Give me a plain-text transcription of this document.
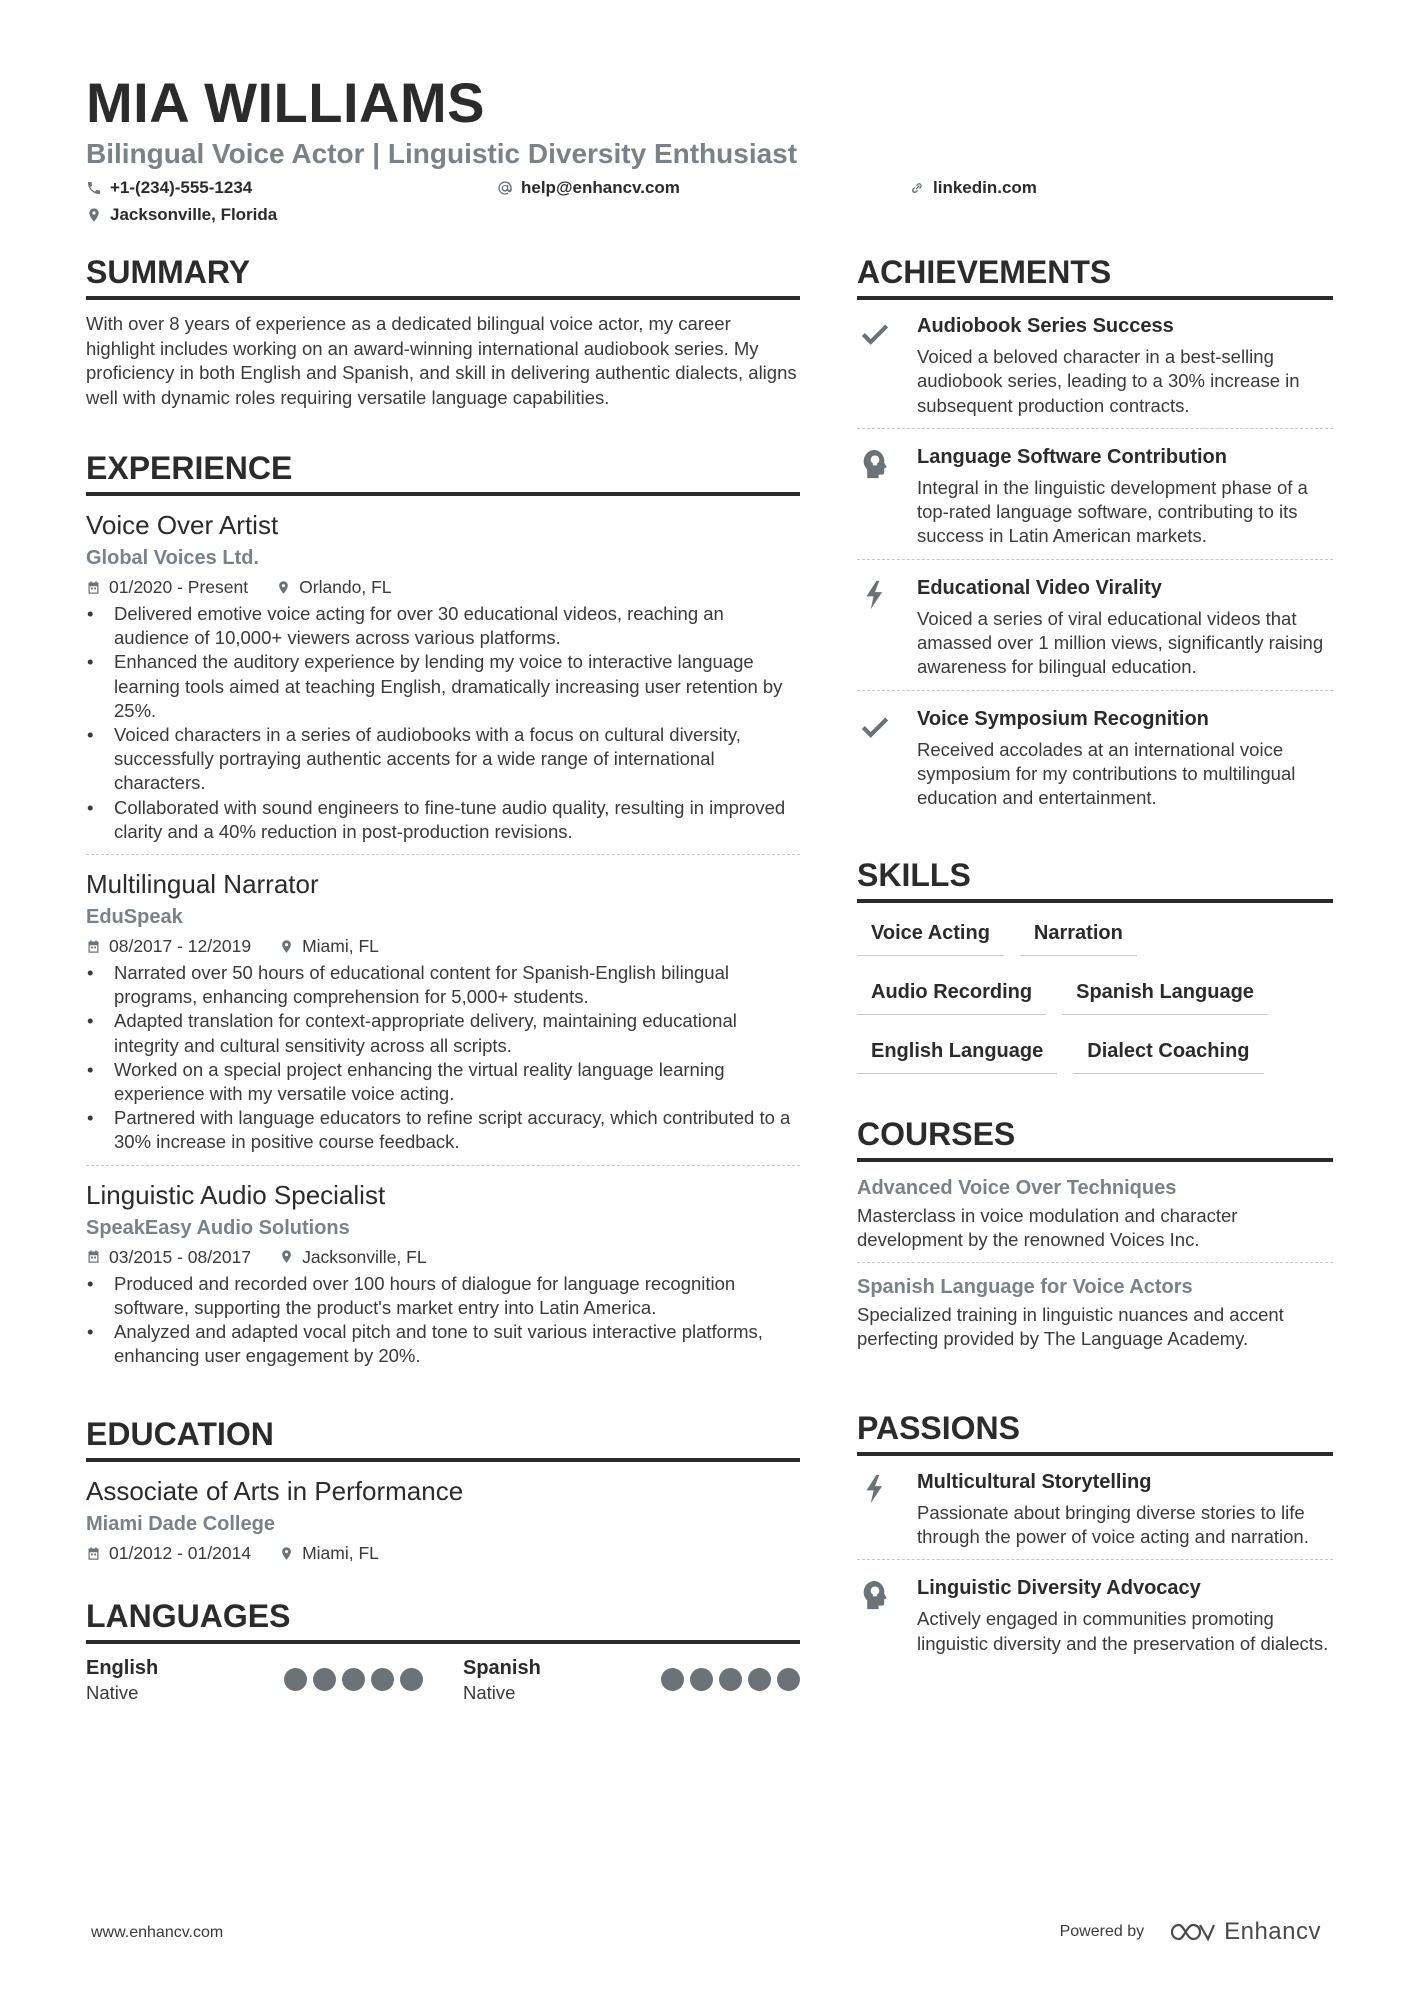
MIA WILLIAMS
Bilingual Voice Actor | Linguistic Diversity Enthusiast
+1-(234)-555-1234	help@enhancv.com	linkedin.com
Jacksonville, Florida
SUMMARY
With over 8 years of experience as a dedicated bilingual voice actor, my career highlight includes working on an award-winning international audiobook series. My proficiency in both English and Spanish, and skill in delivering authentic dialects, aligns well with dynamic roles requiring versatile language capabilities.
EXPERIENCE
Voice Over Artist
Global Voices Ltd.
01/2020 - Present	Orlando, FL
• Delivered emotive voice acting for over 30 educational videos, reaching an audience of 10,000+ viewers across various platforms.
• Enhanced the auditory experience by lending my voice to interactive language learning tools aimed at teaching English, dramatically increasing user retention by 25%.
• Voiced characters in a series of audiobooks with a focus on cultural diversity, successfully portraying authentic accents for a wide range of international characters.
• Collaborated with sound engineers to fine-tune audio quality, resulting in improved clarity and a 40% reduction in post-production revisions.
Multilingual Narrator
EduSpeak
08/2017 - 12/2019	Miami, FL
• Narrated over 50 hours of educational content for Spanish-English bilingual programs, enhancing comprehension for 5,000+ students.
• Adapted translation for context-appropriate delivery, maintaining educational integrity and cultural sensitivity across all scripts.
• Worked on a special project enhancing the virtual reality language learning experience with my versatile voice acting.
• Partnered with language educators to refine script accuracy, which contributed to a 30% increase in positive course feedback.
Linguistic Audio Specialist
SpeakEasy Audio Solutions
03/2015 - 08/2017	Jacksonville, FL
• Produced and recorded over 100 hours of dialogue for language recognition software, supporting the product's market entry into Latin America.
• Analyzed and adapted vocal pitch and tone to suit various interactive platforms, enhancing user engagement by 20%.
EDUCATION
Associate of Arts in Performance
Miami Dade College
01/2012 - 01/2014	Miami, FL
LANGUAGES
English
Native
Spanish
Native
ACHIEVEMENTS
Audiobook Series Success
Voiced a beloved character in a best-selling audiobook series, leading to a 30% increase in subsequent production contracts.
Language Software Contribution
Integral in the linguistic development phase of a top-rated language software, contributing to its success in Latin American markets.
Educational Video Virality
Voiced a series of viral educational videos that amassed over 1 million views, significantly raising awareness for bilingual education.
Voice Symposium Recognition
Received accolades at an international voice symposium for my contributions to multilingual education and entertainment.
SKILLS
Voice Acting	Narration
Audio Recording	Spanish Language
English Language	Dialect Coaching
COURSES
Advanced Voice Over Techniques
Masterclass in voice modulation and character development by the renowned Voices Inc.
Spanish Language for Voice Actors
Specialized training in linguistic nuances and accent perfecting provided by The Language Academy.
PASSIONS
Multicultural Storytelling
Passionate about bringing diverse stories to life through the power of voice acting and narration.
Linguistic Diversity Advocacy
Actively engaged in communities promoting linguistic diversity and the preservation of dialects.
www.enhancv.com	Powered by	Enhancv
